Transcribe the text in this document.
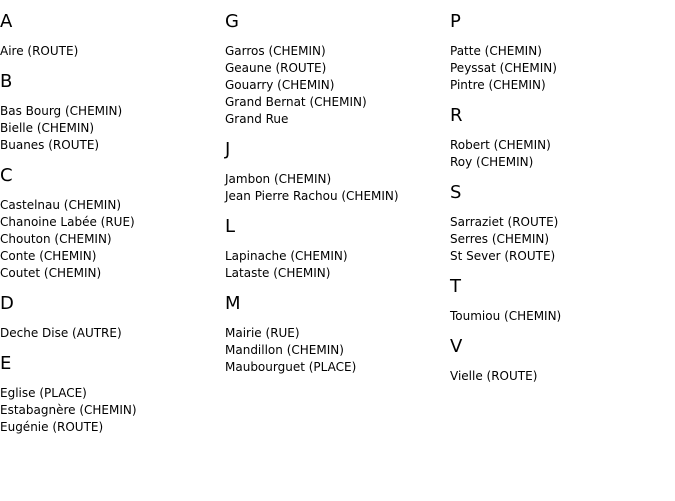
A
Aire (ROUTE)
B
Bas Bourg (CHEMIN)
Bielle (CHEMIN)
Buanes (ROUTE)
C
Castelnau (CHEMIN)
Chanoine Labée (RUE)
Chouton (CHEMIN)
Conte (CHEMIN)
Coutet (CHEMIN)
D
Deche Dise (AUTRE)
E
Eglise (PLACE)
Estabagnère (CHEMIN)
Eugénie (ROUTE)
G
Garros (CHEMIN)
Geaune (ROUTE)
Gouarry (CHEMIN)
Grand Bernat (CHEMIN)
Grand Rue
J
Jambon (CHEMIN)
Jean Pierre Rachou (CHEMIN)
L
Lapinache (CHEMIN)
Lataste (CHEMIN)
M
Mairie (RUE)
Mandillon (CHEMIN)
Maubourguet (PLACE)
P
Patte (CHEMIN)
Peyssat (CHEMIN)
Pintre (CHEMIN)
R
Robert (CHEMIN)
Roy (CHEMIN)
S
Sarraziet (ROUTE)
Serres (CHEMIN)
St Sever (ROUTE)
T
Toumiou (CHEMIN)
V
Vielle (ROUTE)
